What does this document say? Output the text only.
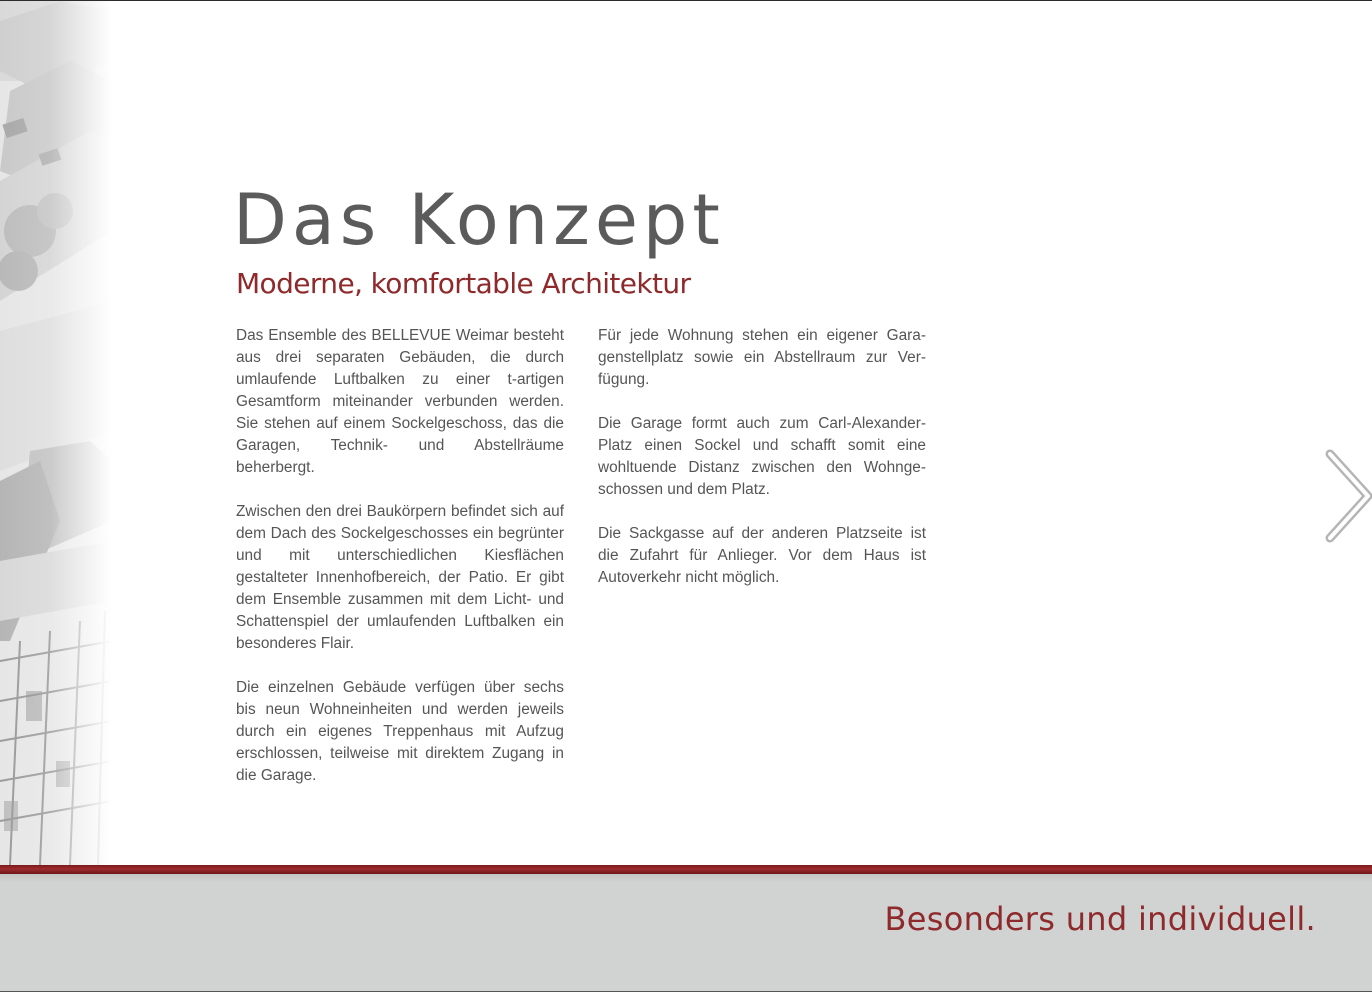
Das Konzept
Moderne, komfortable Architektur

Das Ensemble des BELLEVUE Weimar besteht aus drei separaten Gebäuden, die durch umlaufende Luftbalken zu einer t-artigen Gesamtform miteinander verbunden werden. Sie stehen auf einem Sockelgeschoss, das die Garagen, Technik- und Abstellräume beherbergt.

Zwischen den drei Baukörpern befindet sich auf dem Dach des Sockelgeschosses ein begrünter und mit unterschiedlichen Kiesflächen gestalteter Innenhofbereich, der Patio. Er gibt dem Ensemble zusammen mit dem Licht- und Schattenspiel der umlaufenden Luftbalken ein besonderes Flair.

Die einzelnen Gebäude verfügen über sechs bis neun Wohneinheiten und werden jeweils durch ein eigenes Treppenhaus mit Aufzug erschlossen, teilweise mit direktem Zugang in die Garage.

Für jede Wohnung stehen ein eigener Garagenstellplatz sowie ein Abstellraum zur Verfügung.

Die Garage formt auch zum Carl-Alexander-Platz einen Sockel und schafft somit eine wohltuende Distanz zwischen den Wohngeschossen und dem Platz.

Die Sackgasse auf der anderen Platzseite ist die Zufahrt für Anlieger. Vor dem Haus ist Autoverkehr nicht möglich.

Besonders und individuell.
